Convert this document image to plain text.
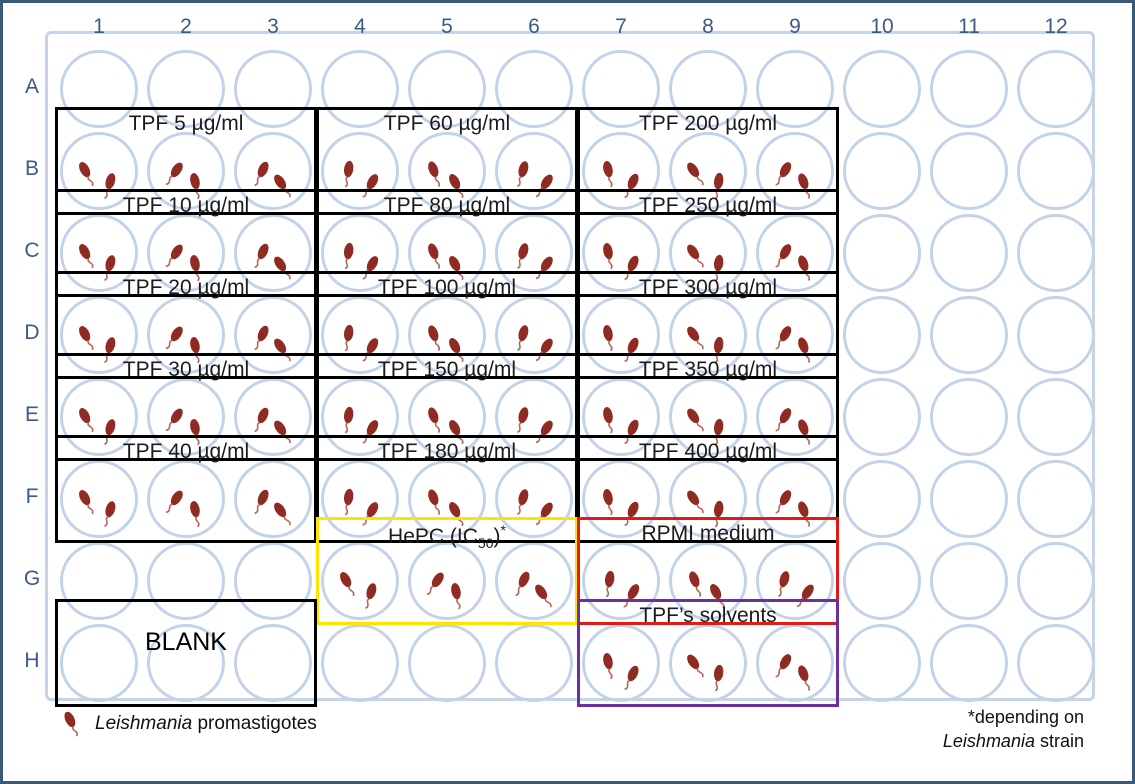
1	2	3	4	5	6	7	8	9	10	11	12
A
B
C
D
E
F
G
H
TPF 5 µg/ml	TPF 60 µg/ml	TPF 200 µg/ml
TPF 10 µg/ml	TPF 80 µg/ml	TPF 250 µg/ml
TPF 20 µg/ml	TPF 100 µg/ml	TPF 300 µg/ml
TPF 30 µg/ml	TPF 150 µg/ml	TPF 350 µg/ml
TPF 40 µg/ml	TPF 180 µg/ml	TPF 400 µg/ml
HePC $(IC_{50})^*$	RPMI medium
BLANK
TPF’s solvents
Leishmania promastigotes	*depending on
Leishmania strain
